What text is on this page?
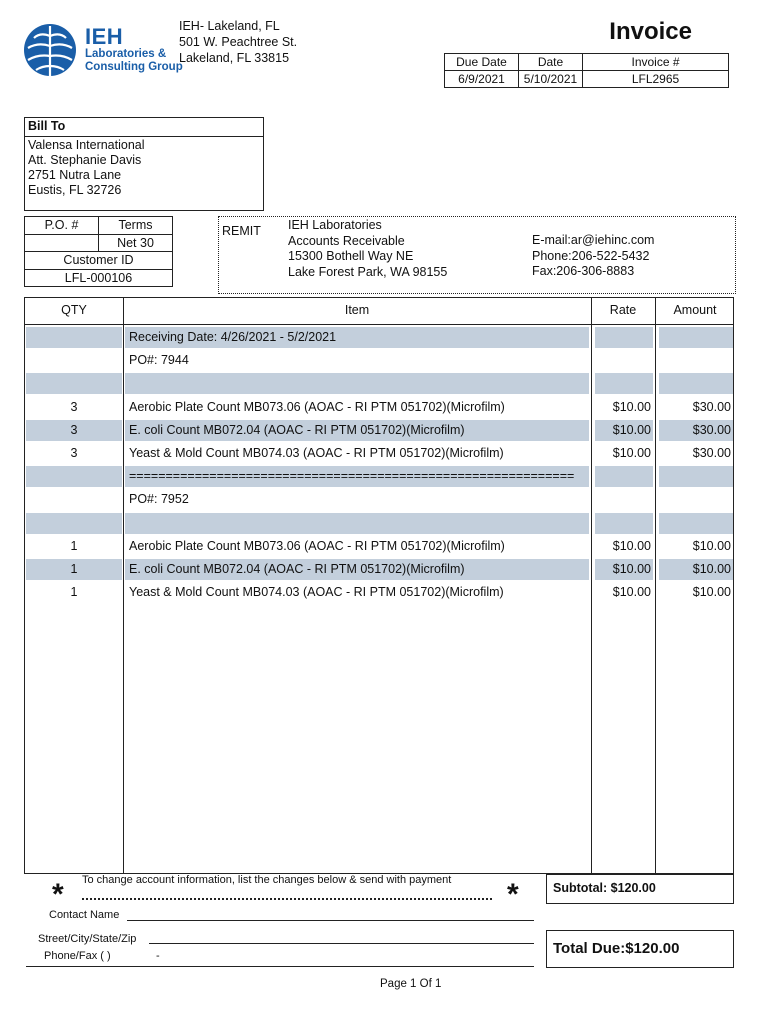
IEH
Laboratories &
Consulting Group
IEH- Lakeland, FL
501 W. Peachtree St.
Lakeland, FL 33815
Invoice
Due Date	Date	Invoice #
6/9/2021	5/10/2021	LFL2965
Bill To
Valensa International
Att. Stephanie Davis
2751 Nutra Lane
Eustis, FL 32726
P.O. #	Terms
	Net 30
Customer ID	
LFL-000106	
REMIT IEH Laboratories
Accounts Receivable
15300 Bothell Way NE
Lake Forest Park, WA 98155
E-mail:ar@iehinc.com
Phone:206-522-5432
Fax:206-306-8883
QTY	Item	Rate	Amount
Receiving Date: 4/26/2021 - 5/2/2021
PO#: 7944
3	Aerobic Plate Count MB073.06 (AOAC - RI PTM 051702)(Microfilm)	$10.00	$30.00
3	E. coli Count MB072.04 (AOAC - RI PTM 051702)(Microfilm)	$10.00	$30.00
3	Yeast & Mold Count MB074.03 (AOAC - RI PTM 051702)(Microfilm)	$10.00	$30.00
=============================================================
PO#: 7952
1	Aerobic Plate Count MB073.06 (AOAC - RI PTM 051702)(Microfilm)	$10.00	$10.00
1	E. coli Count MB072.04 (AOAC - RI PTM 051702)(Microfilm)	$10.00	$10.00
1	Yeast & Mold Count MB074.03 (AOAC - RI PTM 051702)(Microfilm)	$10.00	$10.00
To change account information, list the changes below & send with payment
*	*
Contact Name
Street/City/State/Zip
Phone/Fax ( )	-
Subtotal: $120.00
Total Due:$120.00
Page 1 Of 1
